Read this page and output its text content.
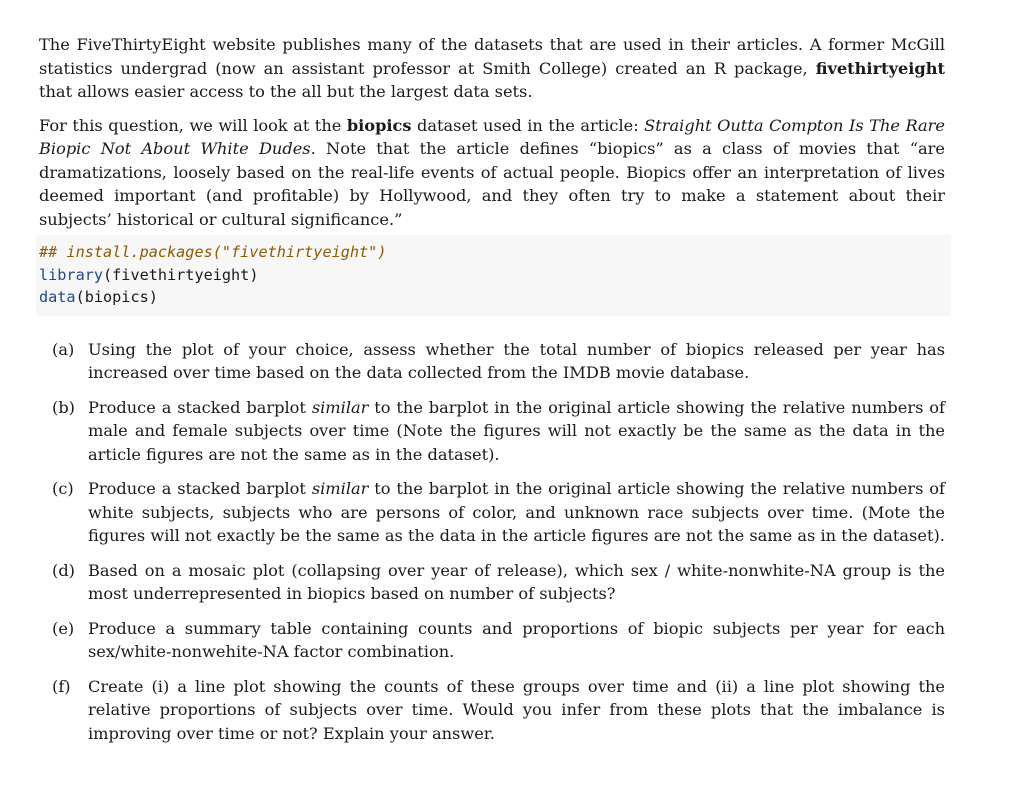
The FiveThirtyEight website publishes many of the datasets that are used in their articles. A former McGill statistics undergrad (now an assistant professor at Smith College) created an R package, fivethirtyeight that allows easier access to the all but the largest data sets.

For this question, we will look at the biopics dataset used in the article: Straight Outta Compton Is The Rare Biopic Not About White Dudes. Note that the article defines “biopics” as a class of movies that “are dramatizations, loosely based on the real-life events of actual people. Biopics offer an interpretation of lives deemed important (and profitable) by Hollywood, and they often try to make a statement about their subjects’ historical or cultural significance.”

## install.packages("fivethirtyeight")
library(fivethirtyeight)
data(biopics)
(a) Using the plot of your choice, assess whether the total number of biopics released per year has increased over time based on the data collected from the IMDB movie database.
(b) Produce a stacked barplot similar to the barplot in the original article showing the relative numbers of male and female subjects over time (Note the figures will not exactly be the same as the data in the article figures are not the same as in the dataset).
(c) Produce a stacked barplot similar to the barplot in the original article showing the relative numbers of white subjects, subjects who are persons of color, and unknown race subjects over time. (Mote the figures will not exactly be the same as the data in the article figures are not the same as in the dataset).
(d) Based on a mosaic plot (collapsing over year of release), which sex / white-nonwhite-NA group is the most underrepresented in biopics based on number of subjects?
(e) Produce a summary table containing counts and proportions of biopic subjects per year for each sex/white-nonwehite-NA factor combination.
(f) Create (i) a line plot showing the counts of these groups over time and (ii) a line plot showing the relative proportions of subjects over time. Would you infer from these plots that the imbalance is improving over time or not? Explain your answer.
